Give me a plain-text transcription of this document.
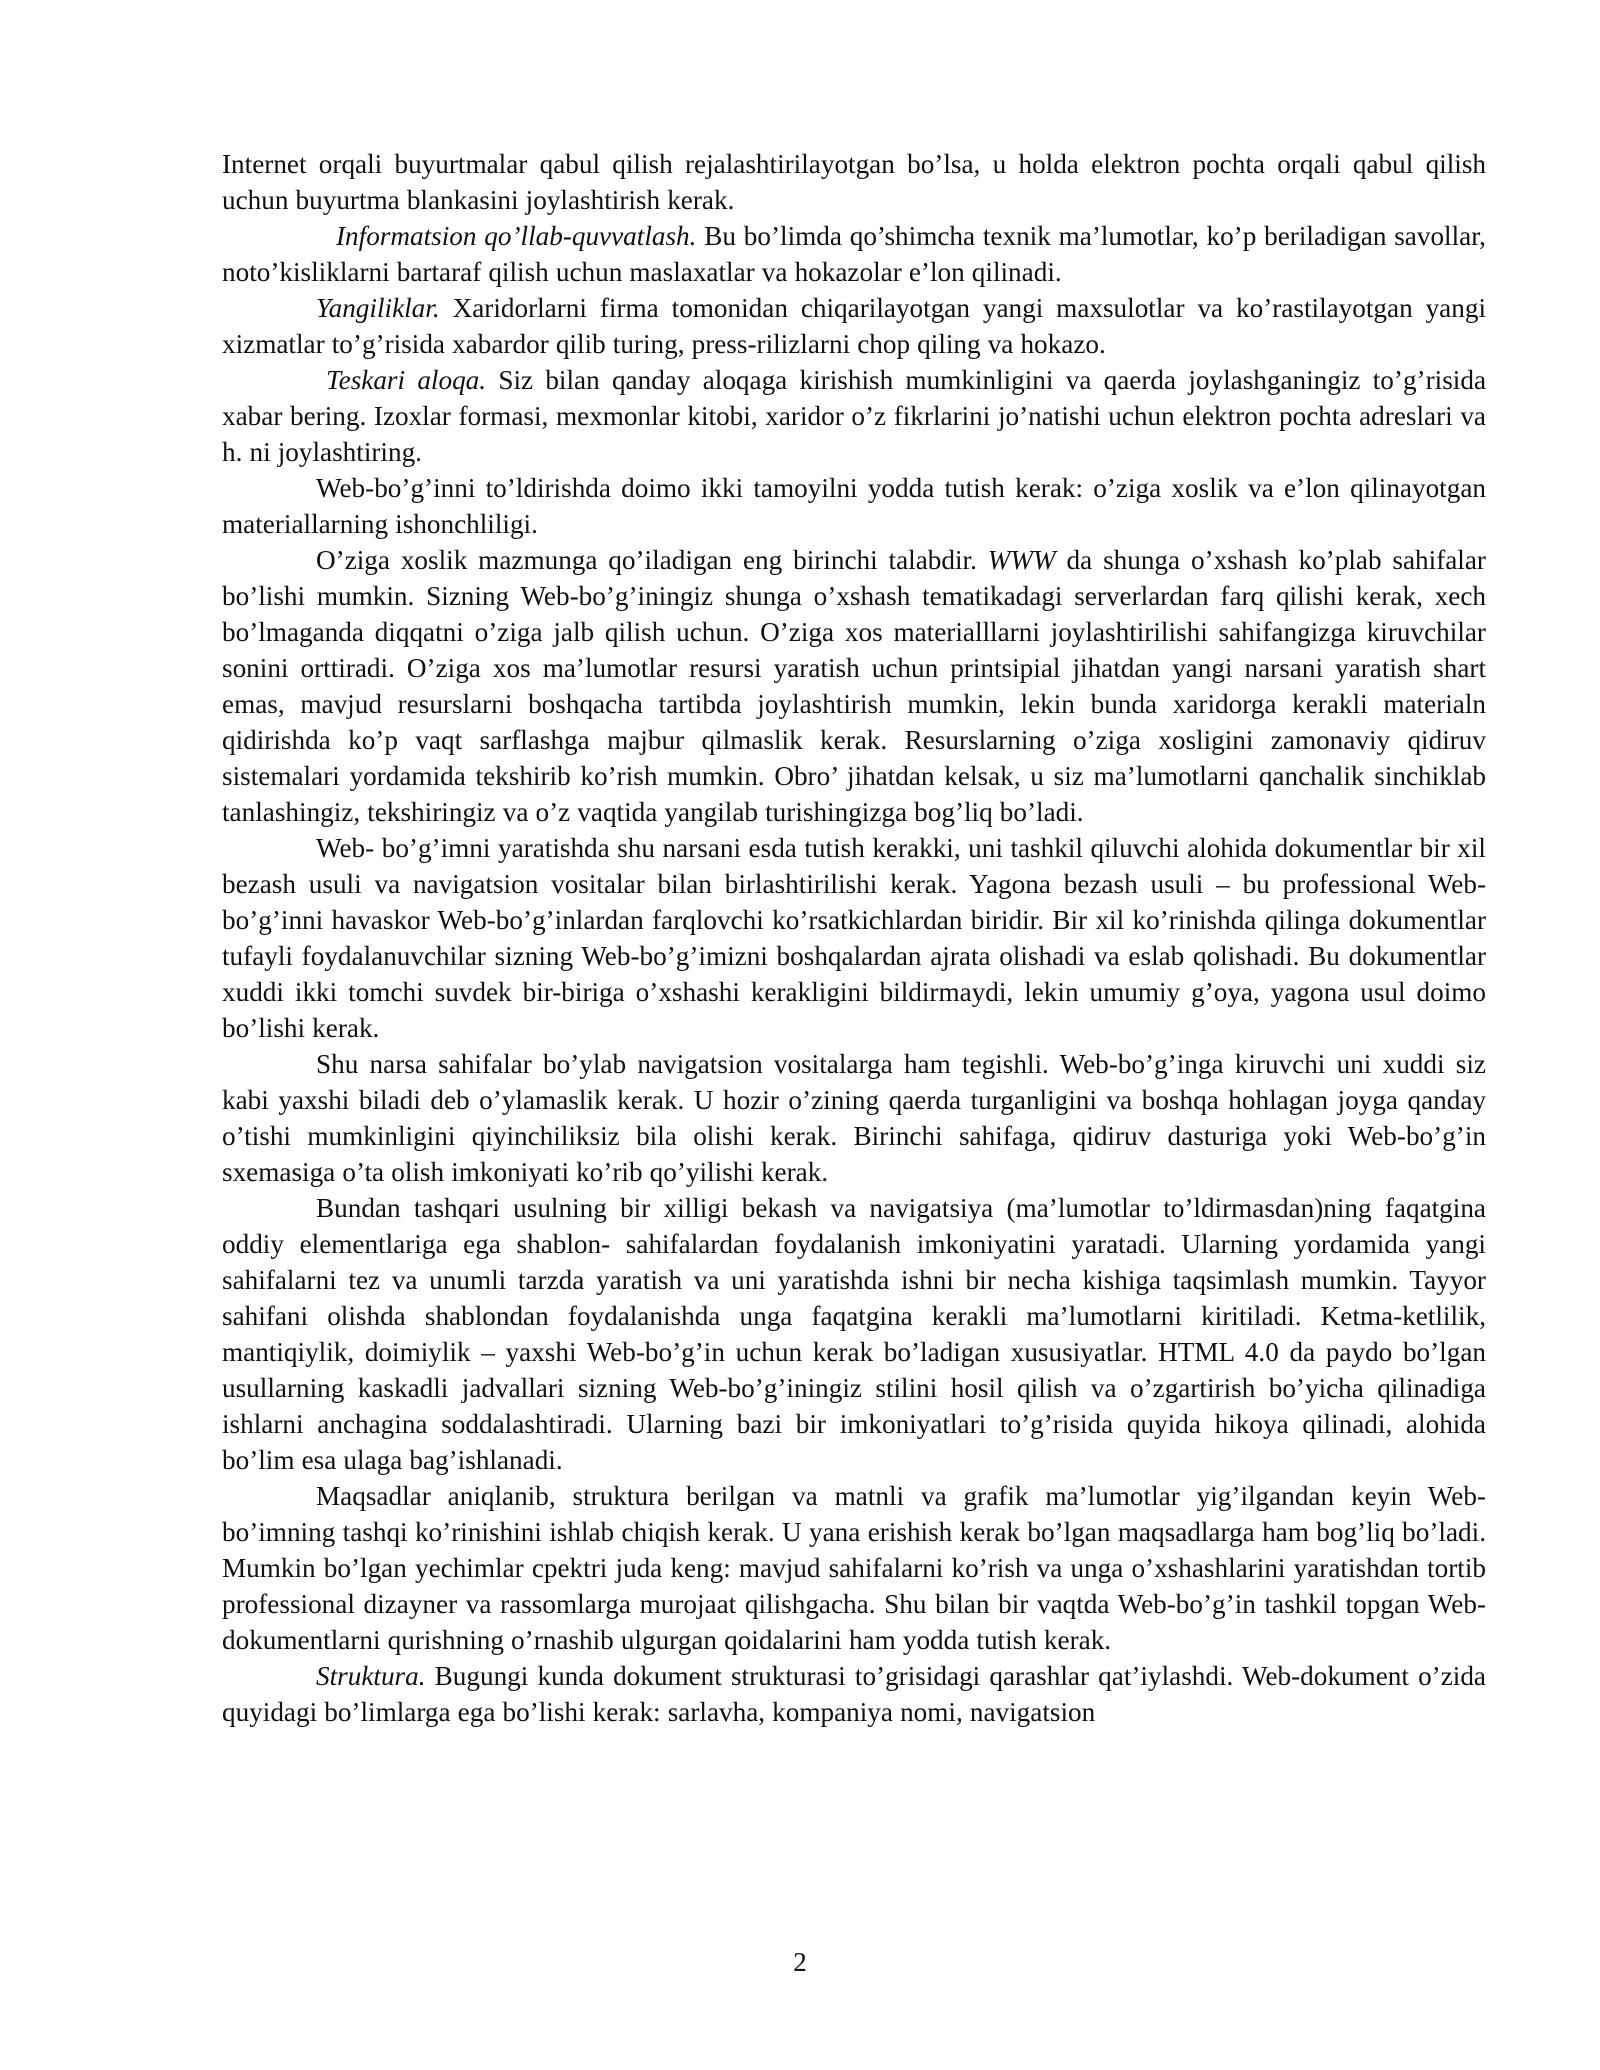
Internet orqali buyurtmalar qabul qilish rejalashtirilayotgan bo’lsa, u holda elektron pochta orqali qabul qilish uchun buyurtma blankasini joylashtirish kerak.

Informatsion qo’llab-quvvatlash. Bu bo’limda qo’shimcha texnik ma’lumotlar, ko’p beriladigan savollar, noto’kisliklarni bartaraf qilish uchun maslaxatlar va hokazolar e’lon qilinadi.

Yangiliklar. Xaridorlarni firma tomonidan chiqarilayotgan yangi maxsulotlar va ko’rastilayotgan yangi xizmatlar to’g’risida xabardor qilib turing, press-rilizlarni chop qiling va hokazo.

Teskari aloqa. Siz bilan qanday aloqaga kirishish mumkinligini va qaerda joylashganingiz to’g’risida xabar bering. Izoxlar formasi, mexmonlar kitobi, xaridor o’z fikrlarini jo’natishi uchun elektron pochta adreslari va h. ni joylashtiring.

Web-bo’g’inni to’ldirishda doimo ikki tamoyilni yodda tutish kerak: o’ziga xoslik va e’lon qilinayotgan materiallarning ishonchliligi.

O’ziga xoslik mazmunga qo’iladigan eng birinchi talabdir. WWW da shunga o’xshash ko’plab sahifalar bo’lishi mumkin. Sizning Web-bo’g’iningiz shunga o’xshash tematikadagi serverlardan farq qilishi kerak, xech bo’lmaganda diqqatni o’ziga jalb qilish uchun. O’ziga xos materialllarni joylashtirilishi sahifangizga kiruvchilar sonini orttiradi. O’ziga xos ma’lumotlar resursi yaratish uchun printsipial jihatdan yangi narsani yaratish shart emas, mavjud resurslarni boshqacha tartibda joylashtirish mumkin, lekin bunda xaridorga kerakli materialn qidirishda ko’p vaqt sarflashga majbur qilmaslik kerak. Resurslarning o’ziga xosligini zamonaviy qidiruv sistemalari yordamida tekshirib ko’rish mumkin. Obro’ jihatdan kelsak, u siz ma’lumotlarni qanchalik sinchiklab tanlashingiz, tekshiringiz va o’z vaqtida yangilab turishingizga bog’liq bo’ladi.

Web- bo’g’imni yaratishda shu narsani esda tutish kerakki, uni tashkil qiluvchi alohida dokumentlar bir xil bezash usuli va navigatsion vositalar bilan birlashtirilishi kerak. Yagona bezash usuli – bu professional Web-bo’g’inni havaskor Web-bo’g’inlardan farqlovchi ko’rsatkichlardan biridir. Bir xil ko’rinishda qilinga dokumentlar tufayli foydalanuvchilar sizning Web-bo’g’imizni boshqalardan ajrata olishadi va eslab qolishadi. Bu dokumentlar xuddi ikki tomchi suvdek bir-biriga o’xshashi kerakligini bildirmaydi, lekin umumiy g’oya, yagona usul doimo bo’lishi kerak.

Shu narsa sahifalar bo’ylab navigatsion vositalarga ham tegishli. Web-bo’g’inga kiruvchi uni xuddi siz kabi yaxshi biladi deb o’ylamaslik kerak. U hozir o’zining qaerda turganligini va boshqa hohlagan joyga qanday o’tishi mumkinligini qiyinchiliksiz bila olishi kerak. Birinchi sahifaga, qidiruv dasturiga yoki Web-bo’g’in sxemasiga o’ta olish imkoniyati ko’rib qo’yilishi kerak.

Bundan tashqari usulning bir xilligi bekash va navigatsiya (ma’lumotlar to’ldirmasdan)ning faqatgina oddiy elementlariga ega shablon- sahifalardan foydalanish imkoniyatini yaratadi. Ularning yordamida yangi sahifalarni tez va unumli tarzda yaratish va uni yaratishda ishni bir necha kishiga taqsimlash mumkin. Tayyor sahifani olishda shablondan foydalanishda unga faqatgina kerakli ma’lumotlarni kiritiladi. Ketma-ketlilik, mantiqiylik, doimiylik – yaxshi Web-bo’g’in uchun kerak bo’ladigan xususiyatlar. HTML 4.0 da paydo bo’lgan usullarning kaskadli jadvallari sizning Web-bo’g’iningiz stilini hosil qilish va o’zgartirish bo’yicha qilinadiga ishlarni anchagina soddalashtiradi. Ularning bazi bir imkoniyatlari to’g’risida quyida hikoya qilinadi, alohida bo’lim esa ulaga bag’ishlanadi.

Maqsadlar aniqlanib, struktura berilgan va matnli va grafik ma’lumotlar yig’ilgandan keyin Web-bo’imning tashqi ko’rinishini ishlab chiqish kerak. U yana erishish kerak bo’lgan maqsadlarga ham bog’liq bo’ladi. Mumkin bo’lgan yechimlar cpektri juda keng: mavjud sahifalarni ko’rish va unga o’xshashlarini yaratishdan tortib professional dizayner va rassomlarga murojaat qilishgacha. Shu bilan bir vaqtda Web-bo’g’in tashkil topgan Web-dokumentlarni qurishning o’rnashib ulgurgan qoidalarini ham yodda tutish kerak.

Struktura. Bugungi kunda dokument strukturasi to’grisidagi qarashlar qat’iylashdi. Web-dokument o’zida quyidagi bo’limlarga ega bo’lishi kerak: sarlavha, kompaniya nomi, navigatsion

2
